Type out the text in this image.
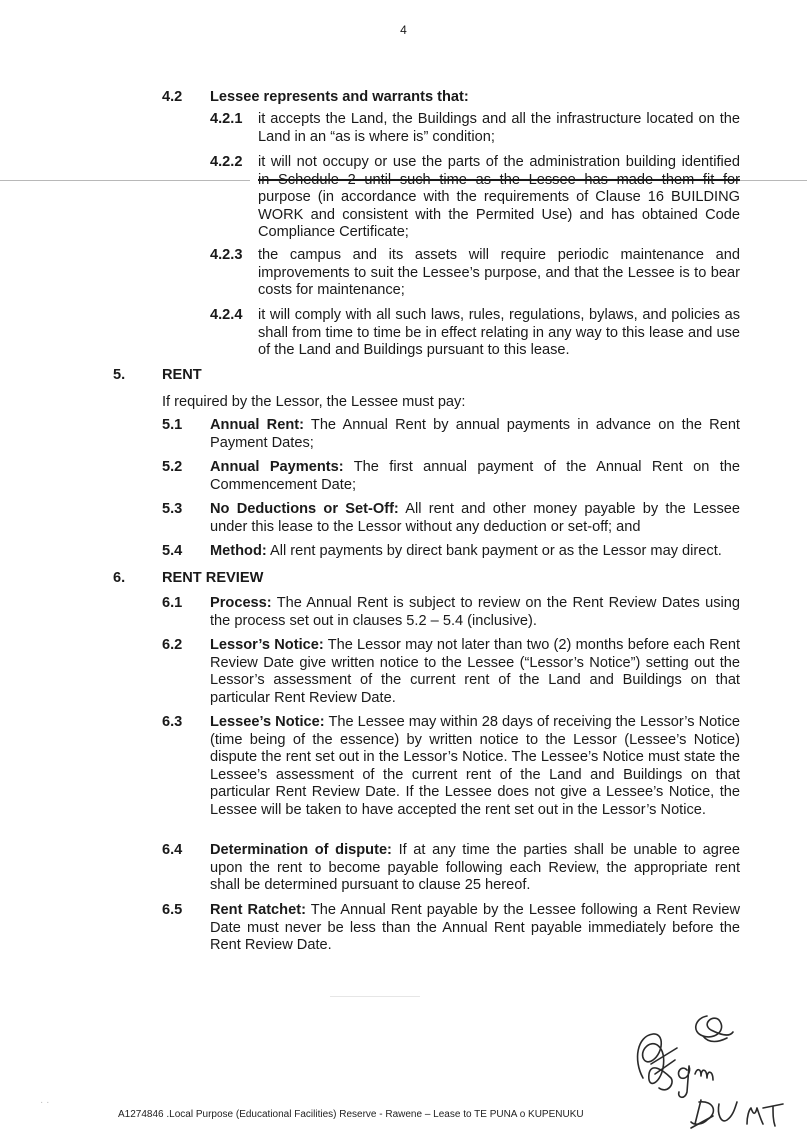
4
4.2 Lessee represents and warrants that:
4.2.1 it accepts the Land, the Buildings and all the infrastructure located on the Land in an “as is where is” condition;
4.2.2 it will not occupy or use the parts of the administration building identified
in Schedule 2 until such time as the Lessee has made them fit for
purpose (in accordance with the requirements of Clause 16 BUILDING WORK and consistent with the Permited Use) and has obtained Code Compliance Certificate;
4.2.3 the campus and its assets will require periodic maintenance and improvements to suit the Lessee’s purpose, and that the Lessee is to bear costs for maintenance;
4.2.4 it will comply with all such laws, rules, regulations, bylaws, and policies as shall from time to time be in effect relating in any way to this lease and use of the Land and Buildings pursuant to this lease.
5.	RENT
If required by the Lessor, the Lessee must pay:
5.1 Annual Rent: The Annual Rent by annual payments in advance on the Rent Payment Dates;
5.2 Annual Payments: The first annual payment of the Annual Rent on the Commencement Date;
5.3 No Deductions or Set-Off: All rent and other money payable by the Lessee under this lease to the Lessor without any deduction or set-off; and
5.4 Method: All rent payments by direct bank payment or as the Lessor may direct.
6.	RENT REVIEW
6.1 Process: The Annual Rent is subject to review on the Rent Review Dates using the process set out in clauses 5.2 – 5.4 (inclusive).
6.2 Lessor’s Notice: The Lessor may not later than two (2) months before each Rent Review Date give written notice to the Lessee (“Lessor’s Notice”) setting out the Lessor’s assessment of the current rent of the Land and Buildings on that particular Rent Review Date.
6.3 Lessee’s Notice: The Lessee may within 28 days of receiving the Lessor’s Notice (time being of the essence) by written notice to the Lessor (Lessee’s Notice) dispute the rent set out in the Lessor’s Notice. The Lessee’s Notice must state the Lessee’s assessment of the current rent of the Land and Buildings on that particular Rent Review Date. If the Lessee does not give a Lessee’s Notice, the Lessee will be taken to have accepted the rent set out in the Lessor’s Notice.
6.4 Determination of dispute: If at any time the parties shall be unable to agree upon the rent to become payable following each Review, the appropriate rent shall be determined pursuant to clause 25 hereof.
6.5 Rent Ratchet: The Annual Rent payable by the Lessee following a Rent Review Date must never be less than the Annual Rent payable immediately before the Rent Review Date.
· ·
A1274846 .Local Purpose (Educational Facilities) Reserve - Rawene – Lease to TE PUNA o KUPENUKU
